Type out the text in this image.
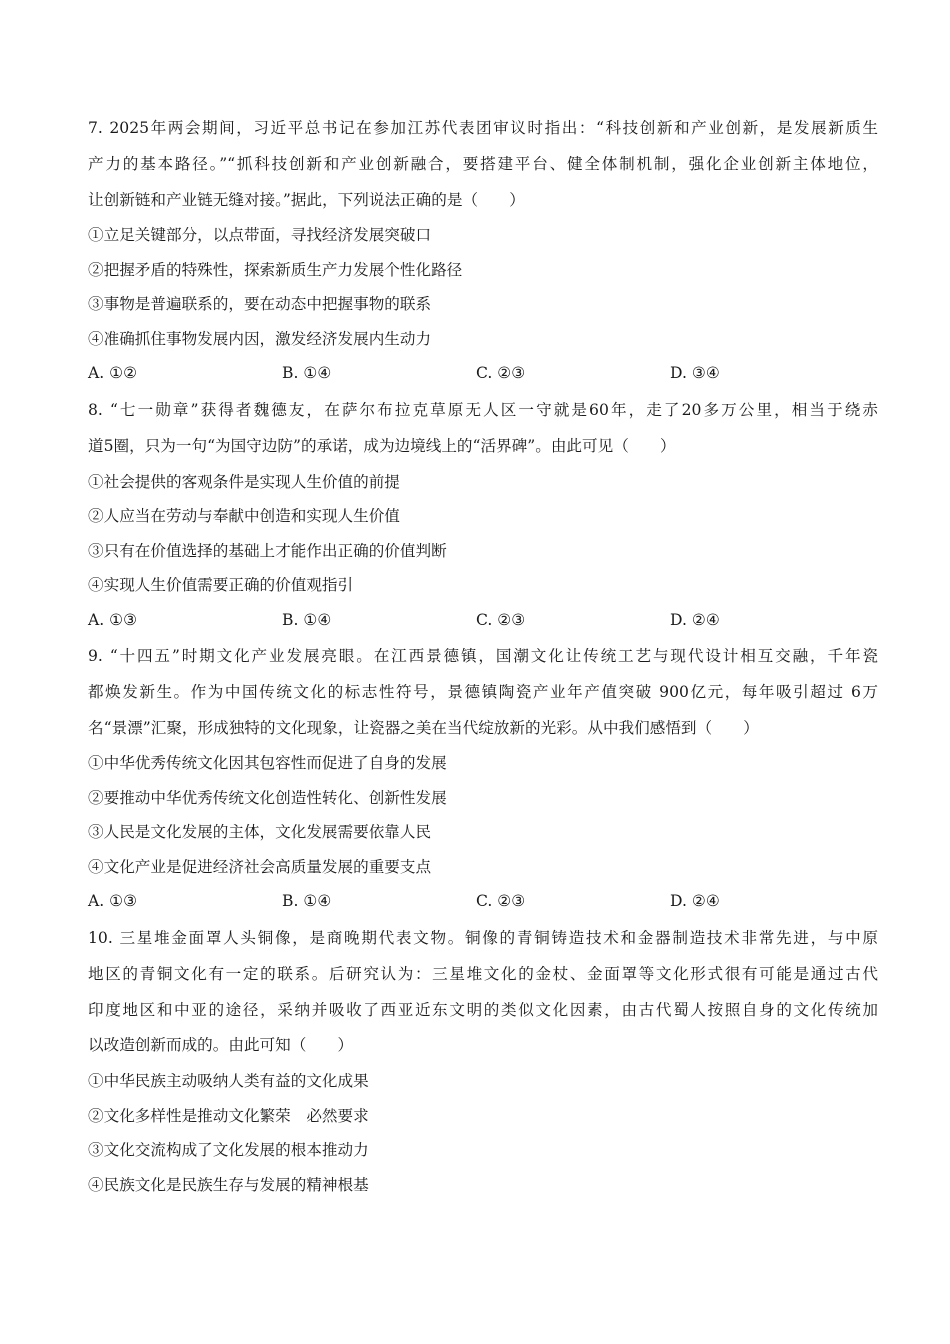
7. 2025年两会期间，习近平总书记在参加江苏代表团审议时指出：“科技创新和产业创新，是发展新质生
产力的基本路径。”“抓科技创新和产业创新融合，要搭建平台、健全体制机制，强化企业创新主体地位，
让创新链和产业链无缝对接。”据此，下列说法正确的是（　　）
①立足关键部分，以点带面，寻找经济发展突破口
②把握矛盾的特殊性，探索新质生产力发展个性化路径
③事物是普遍联系的，要在动态中把握事物的联系
④准确抓住事物发展内因，激发经济发展内生动力
A. ①②	B. ①④	C. ②③	D. ③④
8. “七一勋章”获得者魏德友，在萨尔布拉克草原无人区一守就是60年，走了20多万公里，相当于绕赤
道5圈，只为一句“为国守边防”的承诺，成为边境线上的“活界碑”。由此可见（　　）
①社会提供的客观条件是实现人生价值的前提
②人应当在劳动与奉献中创造和实现人生价值
③只有在价值选择的基础上才能作出正确的价值判断
④实现人生价值需要正确的价值观指引
A. ①③	B. ①④	C. ②③	D. ②④
9. “十四五”时期文化产业发展亮眼。在江西景德镇，国潮文化让传统工艺与现代设计相互交融，千年瓷
都焕发新生。作为中国传统文化的标志性符号，景德镇陶瓷产业年产值突破 900亿元，每年吸引超过 6万
名“景漂”汇聚，形成独特的文化现象，让瓷器之美在当代绽放新的光彩。从中我们感悟到（　　）
①中华优秀传统文化因其包容性而促进了自身的发展
②要推动中华优秀传统文化创造性转化、创新性发展
③人民是文化发展的主体，文化发展需要依靠人民
④文化产业是促进经济社会高质量发展的重要支点
A. ①③	B. ①④	C. ②③	D. ②④
10. 三星堆金面罩人头铜像，是商晚期代表文物。铜像的青铜铸造技术和金器制造技术非常先进，与中原
地区的青铜文化有一定的联系。后研究认为：三星堆文化的金杖、金面罩等文化形式很有可能是通过古代
印度地区和中亚的途径，采纳并吸收了西亚近东文明的类似文化因素，由古代蜀人按照自身的文化传统加
以改造创新而成的。由此可知（　　）
①中华民族主动吸纳人类有益的文化成果
②文化多样性是推动文化繁荣　必然要求
③文化交流构成了文化发展的根本推动力
④民族文化是民族生存与发展的精神根基
